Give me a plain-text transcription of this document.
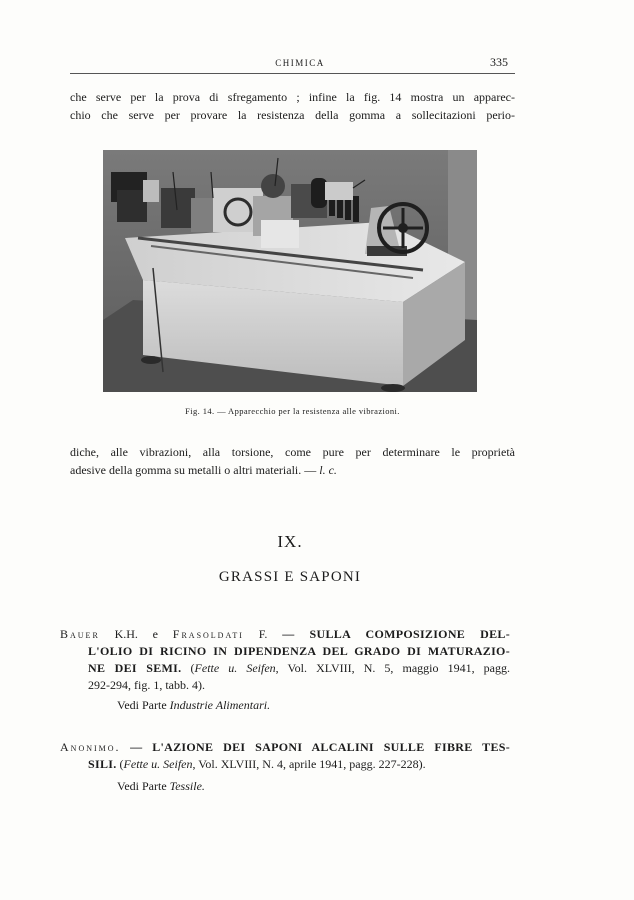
CHIMICA	335
che serve per la prova di sfregamento ; infine la fig. 14 mostra un apparec-
chio che serve per provare la resistenza della gomma a sollecitazioni perio-
Fig. 14. — Apparecchio per la resistenza alle vibrazioni.
diche, alle vibrazioni, alla torsione, come pure per determinare le proprietà
adesive della gomma su metalli o altri materiali. — l. c.
IX.
GRASSI E SAPONI
Bauer K.H. e Frasoldati F. — SULLA COMPOSIZIONE DEL-
L'OLIO DI RICINO IN DIPENDENZA DEL GRADO DI MATURAZIO-
NE DEI SEMI. (Fette u. Seifen, Vol. XLVIII, N. 5, maggio 1941, pagg.
292-294, fig. 1, tabb. 4).
Vedi Parte Industrie Alimentari.
Anonimo. — L'AZIONE DEI SAPONI ALCALINI SULLE FIBRE TES-
SILI. (Fette u. Seifen, Vol. XLVIII, N. 4, aprile 1941, pagg. 227-228).
Vedi Parte Tessile.
